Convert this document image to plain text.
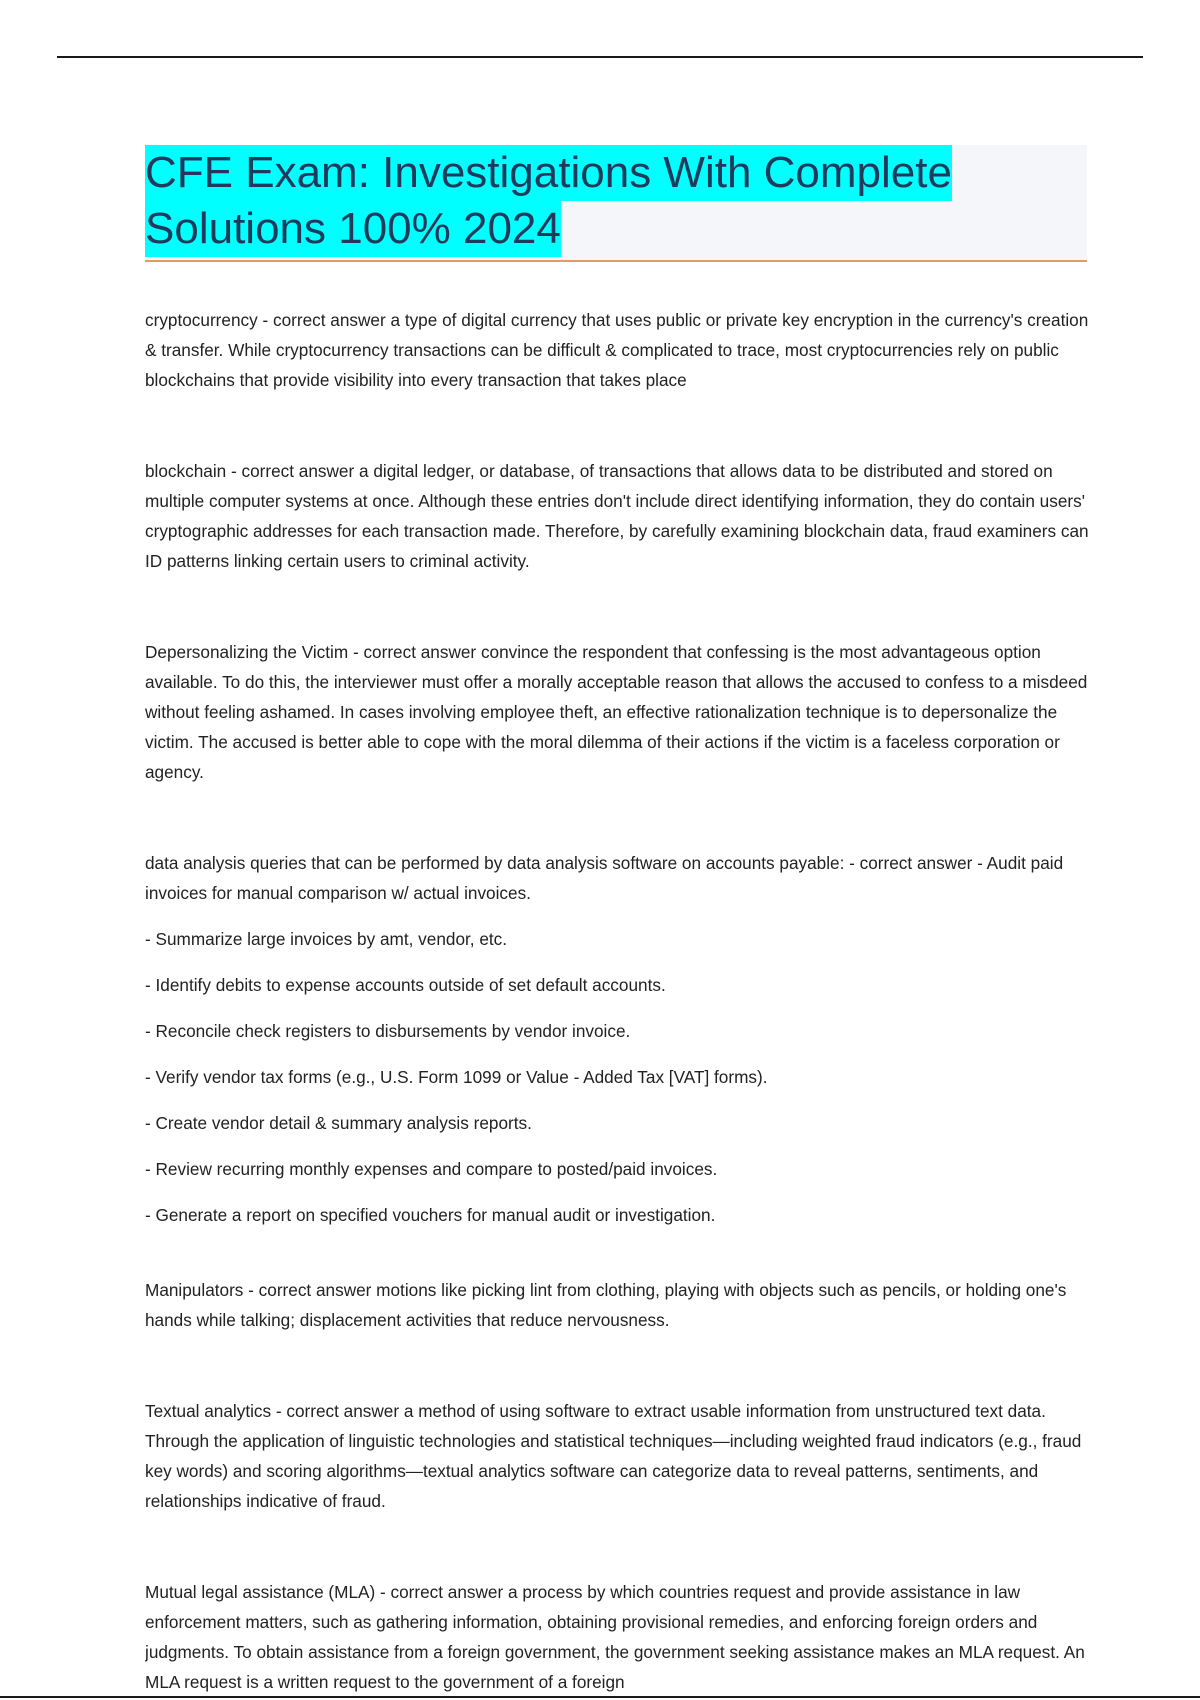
CFE Exam: Investigations With Complete
Solutions 100% 2024

cryptocurrency - correct answer a type of digital currency that uses public or private key encryption in the currency's creation & transfer. While cryptocurrency transactions can be difficult & complicated to trace, most cryptocurrencies rely on public blockchains that provide visibility into every transaction that takes place

blockchain - correct answer a digital ledger, or database, of transactions that allows data to be distributed and stored on multiple computer systems at once. Although these entries don't include direct identifying information, they do contain users' cryptographic addresses for each transaction made. Therefore, by carefully examining blockchain data, fraud examiners can ID patterns linking certain users to criminal activity.

Depersonalizing the Victim - correct answer convince the respondent that confessing is the most advantageous option available. To do this, the interviewer must offer a morally acceptable reason that allows the accused to confess to a misdeed without feeling ashamed. In cases involving employee theft, an effective rationalization technique is to depersonalize the victim. The accused is better able to cope with the moral dilemma of their actions if the victim is a faceless corporation or agency.

data analysis queries that can be performed by data analysis software on accounts payable: - correct answer - Audit paid invoices for manual comparison w/ actual invoices.

- Summarize large invoices by amt, vendor, etc.

- Identify debits to expense accounts outside of set default accounts.

- Reconcile check registers to disbursements by vendor invoice.

- Verify vendor tax forms (e.g., U.S. Form 1099 or Value - Added Tax [VAT] forms).

- Create vendor detail & summary analysis reports.

- Review recurring monthly expenses and compare to posted/paid invoices.

- Generate a report on specified vouchers for manual audit or investigation.

Manipulators - correct answer motions like picking lint from clothing, playing with objects such as pencils, or holding one's hands while talking; displacement activities that reduce nervousness.

Textual analytics - correct answer a method of using software to extract usable information from unstructured text data. Through the application of linguistic technologies and statistical techniques—including weighted fraud indicators (e.g., fraud key words) and scoring algorithms—textual analytics software can categorize data to reveal patterns, sentiments, and relationships indicative of fraud.

Mutual legal assistance (MLA) - correct answer a process by which countries request and provide assistance in law enforcement matters, such as gathering information, obtaining provisional remedies, and enforcing foreign orders and judgments. To obtain assistance from a foreign government, the government seeking assistance makes an MLA request. An MLA request is a written request to the government of a foreign
